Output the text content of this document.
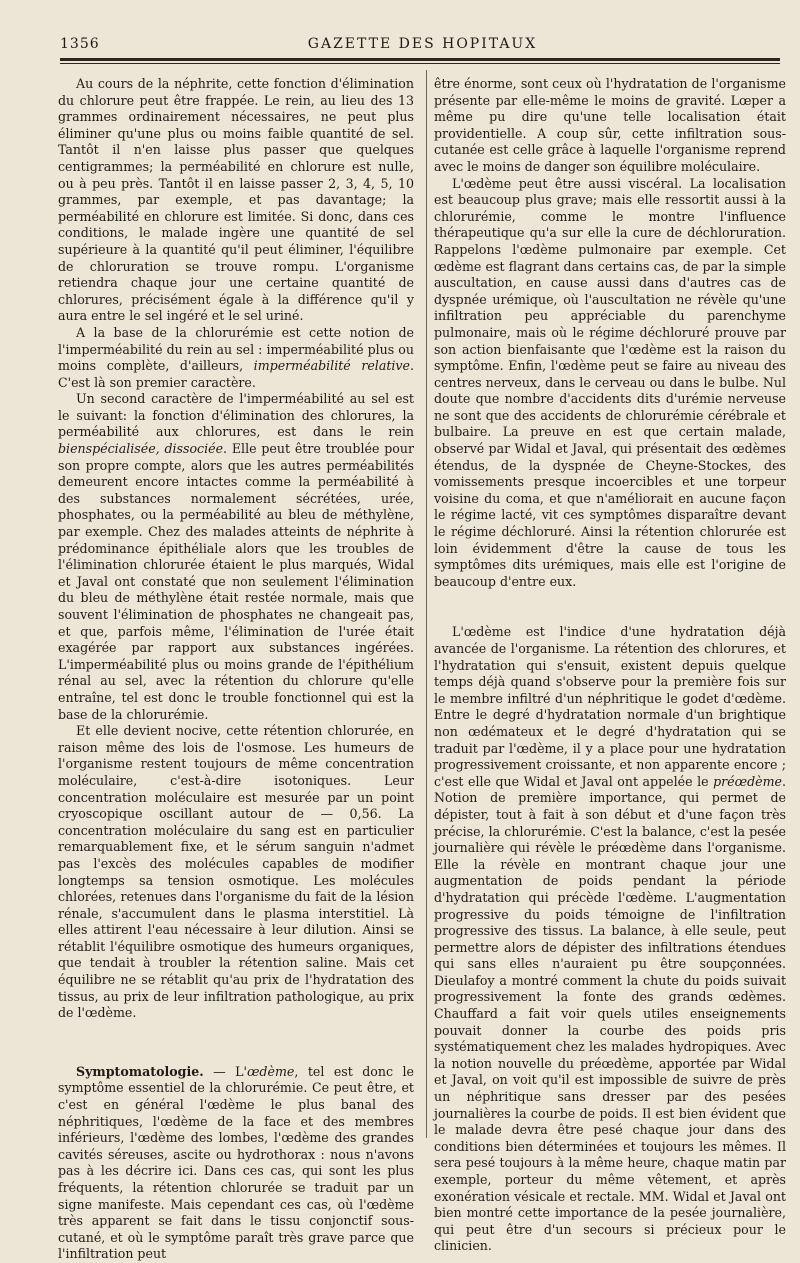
1356	GAZETTE DES HOPITAUX

Au cours de la néphrite, cette fonction d'élimination du chlorure peut être frappée. Le rein, au lieu des 13 grammes ordinairement nécessaires, ne peut plus éliminer qu'une plus ou moins faible quantité de sel. Tantôt il n'en laisse plus passer que quelques centigrammes; la perméabilité en chlorure est nulle, ou à peu près. Tantôt il en laisse passer 2, 3, 4, 5, 10 grammes, par exemple, et pas davantage; la perméabilité en chlorure est limitée. Si donc, dans ces conditions, le malade ingère une quantité de sel supérieure à la quantité qu'il peut éliminer, l'équilibre de chloruration se trouve rompu. L'organisme retiendra chaque jour une certaine quantité de chlorures, précisément égale à la différence qu'il y aura entre le sel ingéré et le sel uriné.

A la base de la chlorurémie est cette notion de l'imperméabilité du rein au sel : imperméabilité plus ou moins complète, d'ailleurs, imperméabilité relative. C'est là son premier caractère.

Un second caractère de l'imperméabilité au sel est le suivant: la fonction d'élimination des chlorures, la perméabilité aux chlorures, est dans le rein bienspécialisée, dissociée. Elle peut être troublée pour son propre compte, alors que les autres perméabilités demeurent encore intactes comme la perméabilité à des substances normalement sécrétées, urée, phosphates, ou la perméabilité au bleu de méthylène, par exemple. Chez des malades atteints de néphrite à prédominance épithéliale alors que les troubles de l'élimination chlorurée étaient le plus marqués, Widal et Javal ont constaté que non seulement l'élimination du bleu de méthylène était restée normale, mais que souvent l'élimination de phosphates ne changeait pas, et que, parfois même, l'élimination de l'urée était exagérée par rapport aux substances ingérées. L'imperméabilité plus ou moins grande de l'épithélium rénal au sel, avec la rétention du chlorure qu'elle entraîne, tel est donc le trouble fonctionnel qui est la base de la chlorurémie.

Et elle devient nocive, cette rétention chlorurée, en raison même des lois de l'osmose. Les humeurs de l'organisme restent toujours de même concentration moléculaire, c'est-à-dire isotoniques. Leur concentration moléculaire est mesurée par un point cryoscopique oscillant autour de — 0,56. La concentration moléculaire du sang est en particulier remarquablement fixe, et le sérum sanguin n'admet pas l'excès des molécules capables de modifier longtemps sa tension osmotique. Les molécules chlorées, retenues dans l'organisme du fait de la lésion rénale, s'accumulent dans le plasma interstitiel. Là elles attirent l'eau nécessaire à leur dilution. Ainsi se rétablit l'équilibre osmotique des humeurs organiques, que tendait à troubler la rétention saline. Mais cet équilibre ne se rétablit qu'au prix de l'hydratation des tissus, au prix de leur infiltration pathologique, au prix de l'œdème.

Symptomatologie. — L'œdème, tel est donc le symptôme essentiel de la chlorurémie. Ce peut être, et c'est en général l'œdème le plus banal des néphritiques, l'œdème de la face et des membres inférieurs, l'œdème des lombes, l'œdème des grandes cavités séreuses, ascite ou hydrothorax : nous n'avons pas à les décrire ici. Dans ces cas, qui sont les plus fréquents, la rétention chlorurée se traduit par un signe manifeste. Mais cependant ces cas, où l'œdème très apparent se fait dans le tissu conjonctif sous-cutané, et où le symptôme paraît très grave parce que l'infiltration peut

être énorme, sont ceux où l'hydratation de l'organisme présente par elle-même le moins de gravité. Lœper a même pu dire qu'une telle localisation était providentielle. A coup sûr, cette infiltration sous-cutanée est celle grâce à laquelle l'organisme reprend avec le moins de danger son équilibre moléculaire.

L'œdème peut être aussi viscéral. La localisation est beaucoup plus grave; mais elle ressortit aussi à la chlorurémie, comme le montre l'influence thérapeutique qu'a sur elle la cure de déchloruration. Rappelons l'œdème pulmonaire par exemple. Cet œdème est flagrant dans certains cas, de par la simple auscultation, en cause aussi dans d'autres cas de dyspnée urémique, où l'auscultation ne révèle qu'une infiltration peu appréciable du parenchyme pulmonaire, mais où le régime déchloruré prouve par son action bienfaisante que l'œdème est la raison du symptôme. Enfin, l'œdème peut se faire au niveau des centres nerveux, dans le cerveau ou dans le bulbe. Nul doute que nombre d'accidents dits d'urémie nerveuse ne sont que des accidents de chlorurémie cérébrale et bulbaire. La preuve en est que certain malade, observé par Widal et Javal, qui présentait des œdèmes étendus, de la dyspnée de Cheyne-Stockes, des vomissements presque incoercibles et une torpeur voisine du coma, et que n'améliorait en aucune façon le régime lacté, vit ces symptômes disparaître devant le régime déchloruré. Ainsi la rétention chlorurée est loin évidemment d'être la cause de tous les symptômes dits urémiques, mais elle est l'origine de beaucoup d'entre eux.

L'œdème est l'indice d'une hydratation déjà avancée de l'organisme. La rétention des chlorures, et l'hydratation qui s'ensuit, existent depuis quelque temps déjà quand s'observe pour la première fois sur le membre infiltré d'un néphritique le godet d'œdème. Entre le degré d'hydratation normale d'un brightique non œdémateux et le degré d'hydratation qui se traduit par l'œdème, il y a place pour une hydratation progressivement croissante, et non apparente encore ; c'est elle que Widal et Javal ont appelée le préœdème. Notion de première importance, qui permet de dépister, tout à fait à son début et d'une façon très précise, la chlorurémie. C'est la balance, c'est la pesée journalière qui révèle le préœdème dans l'organisme. Elle la révèle en montrant chaque jour une augmentation de poids pendant la période d'hydratation qui précède l'œdème. L'augmentation progressive du poids témoigne de l'infiltration progressive des tissus. La balance, à elle seule, peut permettre alors de dépister des infiltrations étendues qui sans elles n'auraient pu être soupçonnées. Dieulafoy a montré comment la chute du poids suivait progressivement la fonte des grands œdèmes. Chauffard a fait voir quels utiles enseignements pouvait donner la courbe des poids pris systématiquement chez les malades hydropiques. Avec la notion nouvelle du préœdème, apportée par Widal et Javal, on voit qu'il est impossible de suivre de près un néphritique sans dresser par des pesées journalières la courbe de poids. Il est bien évident que le malade devra être pesé chaque jour dans des conditions bien déterminées et toujours les mêmes. Il sera pesé toujours à la même heure, chaque matin par exemple, porteur du même vêtement, et après exonération vésicale et rectale. MM. Widal et Javal ont bien montré cette importance de la pesée journalière, qui peut être d'un secours si précieux pour le clinicien.
